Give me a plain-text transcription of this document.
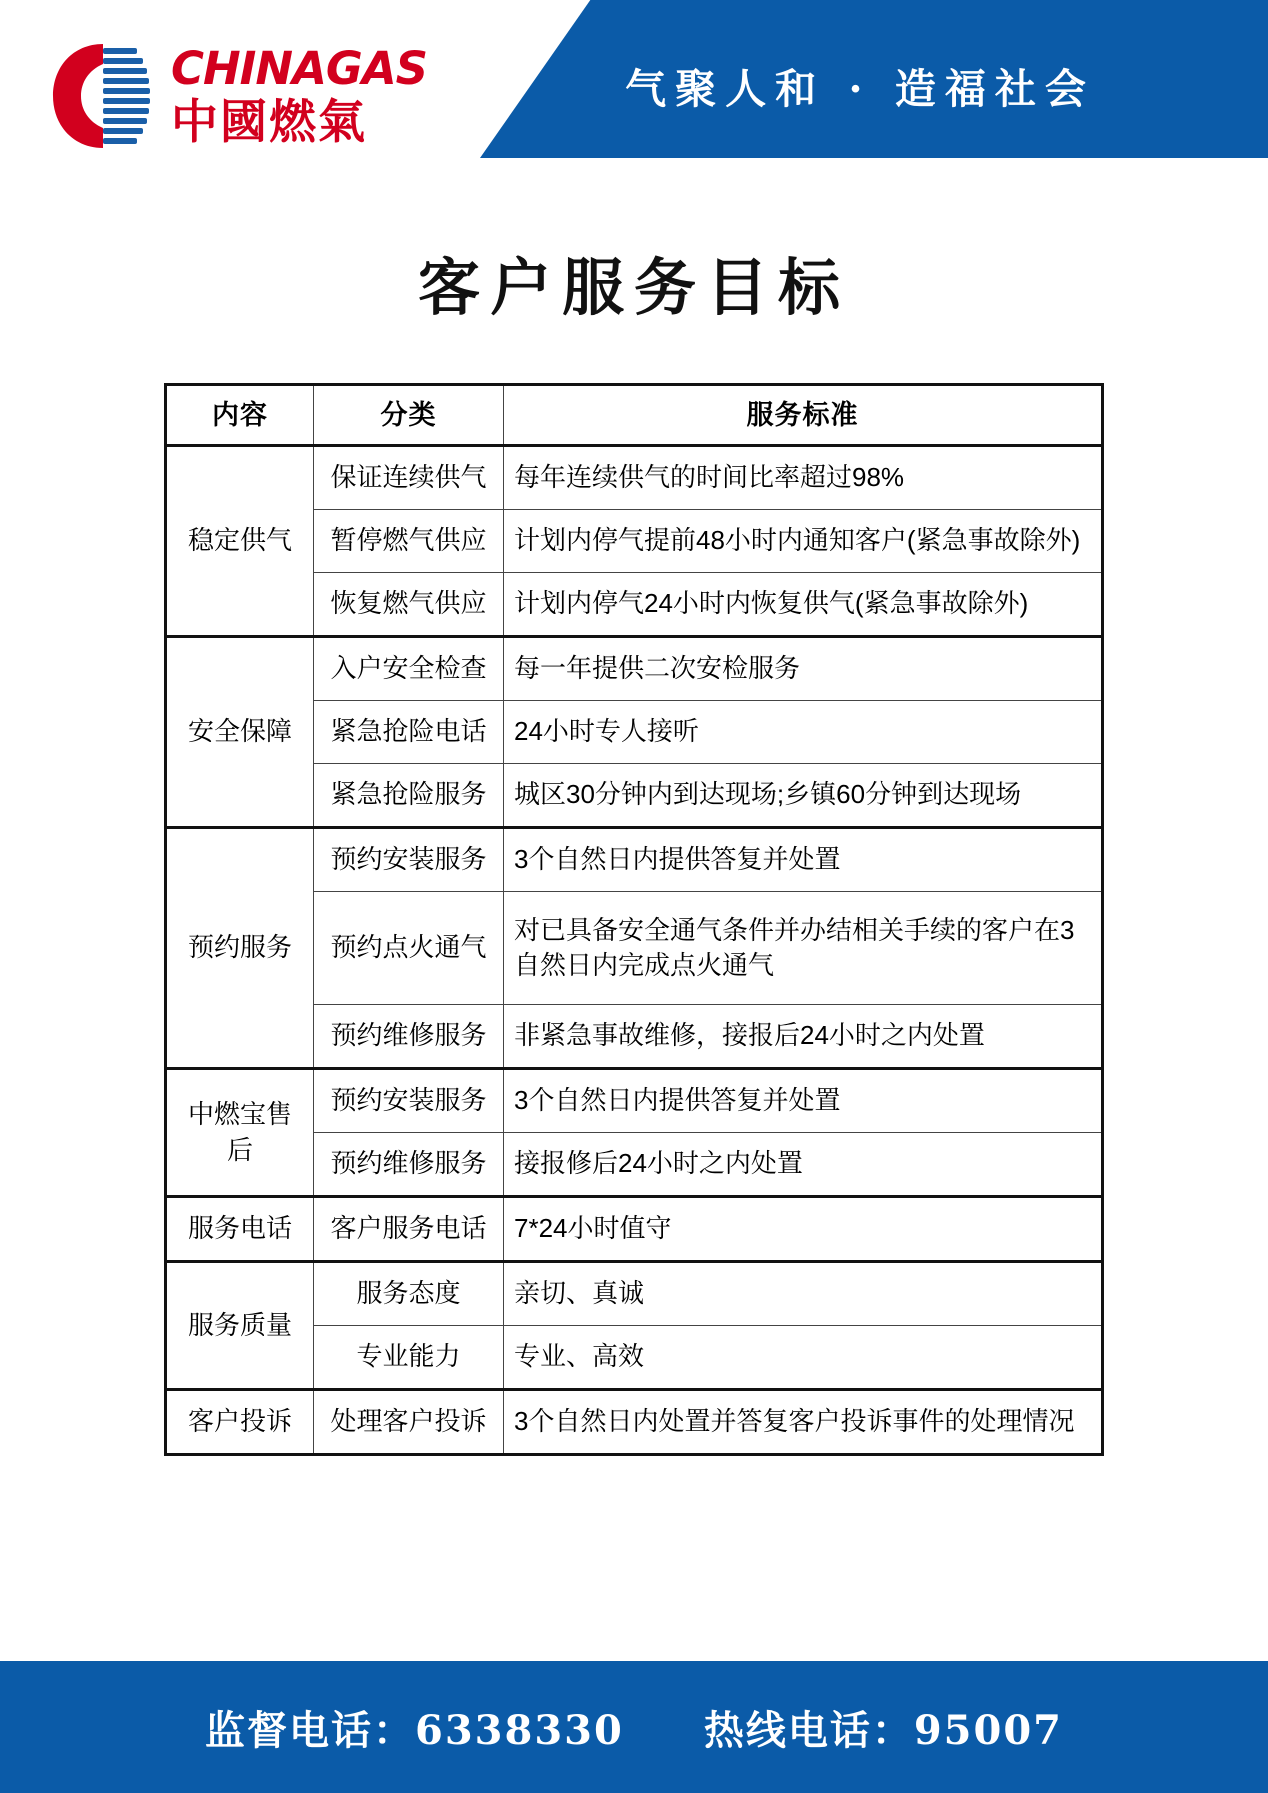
气聚人和 · 造福社会
CHINAGAS
中國燃氣
客户服务目标
内容	分类	服务标准
稳定供气	保证连续供气	每年连续供气的时间比率超过98%
	暂停燃气供应	计划内停气提前48小时内通知客户(紧急事故除外)
	恢复燃气供应	计划内停气24小时内恢复供气(紧急事故除外)
安全保障	入户安全检查	每一年提供二次安检服务
	紧急抢险电话	24小时专人接听
	紧急抢险服务	城区30分钟内到达现场;乡镇60分钟到达现场
预约服务	预约安装服务	3个自然日内提供答复并处置
	预约点火通气	对已具备安全通气条件并办结相关手续的客户在3自然日内完成点火通气
	预约维修服务	非紧急事故维修，接报后24小时之内处置
中燃宝售后	预约安装服务	3个自然日内提供答复并处置
	预约维修服务	接报修后24小时之内处置
服务电话	客户服务电话	7*24小时值守
服务质量	服务态度	亲切、真诚
	专业能力	专业、高效
客户投诉	处理客户投诉	3个自然日内处置并答复客户投诉事件的处理情况
监督电话：6338330 热线电话：95007
